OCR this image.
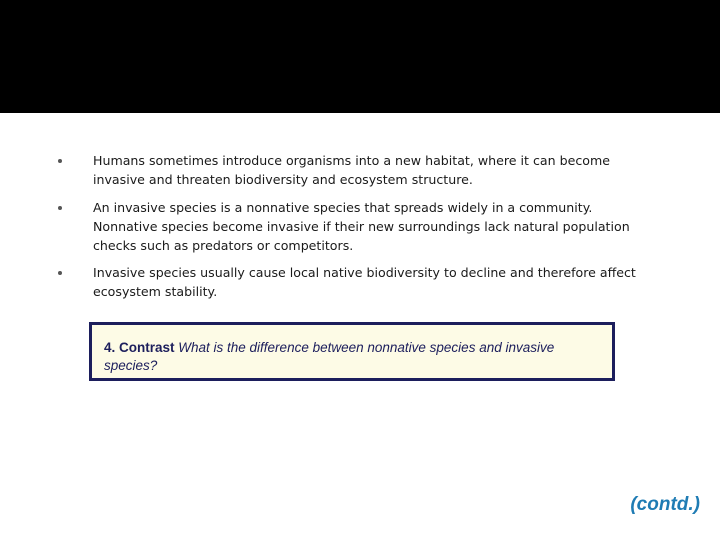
Humans sometimes introduce organisms into a new habitat, where it can become invasive and threaten biodiversity and ecosystem structure.
An invasive species is a nonnative species that spreads widely in a community. Nonnative species become invasive if their new surroundings lack natural population checks such as predators or competitors.
Invasive species usually cause local native biodiversity to decline and therefore affect ecosystem stability.
4. Contrast What is the difference between nonnative species and invasive species?
(contd.)
